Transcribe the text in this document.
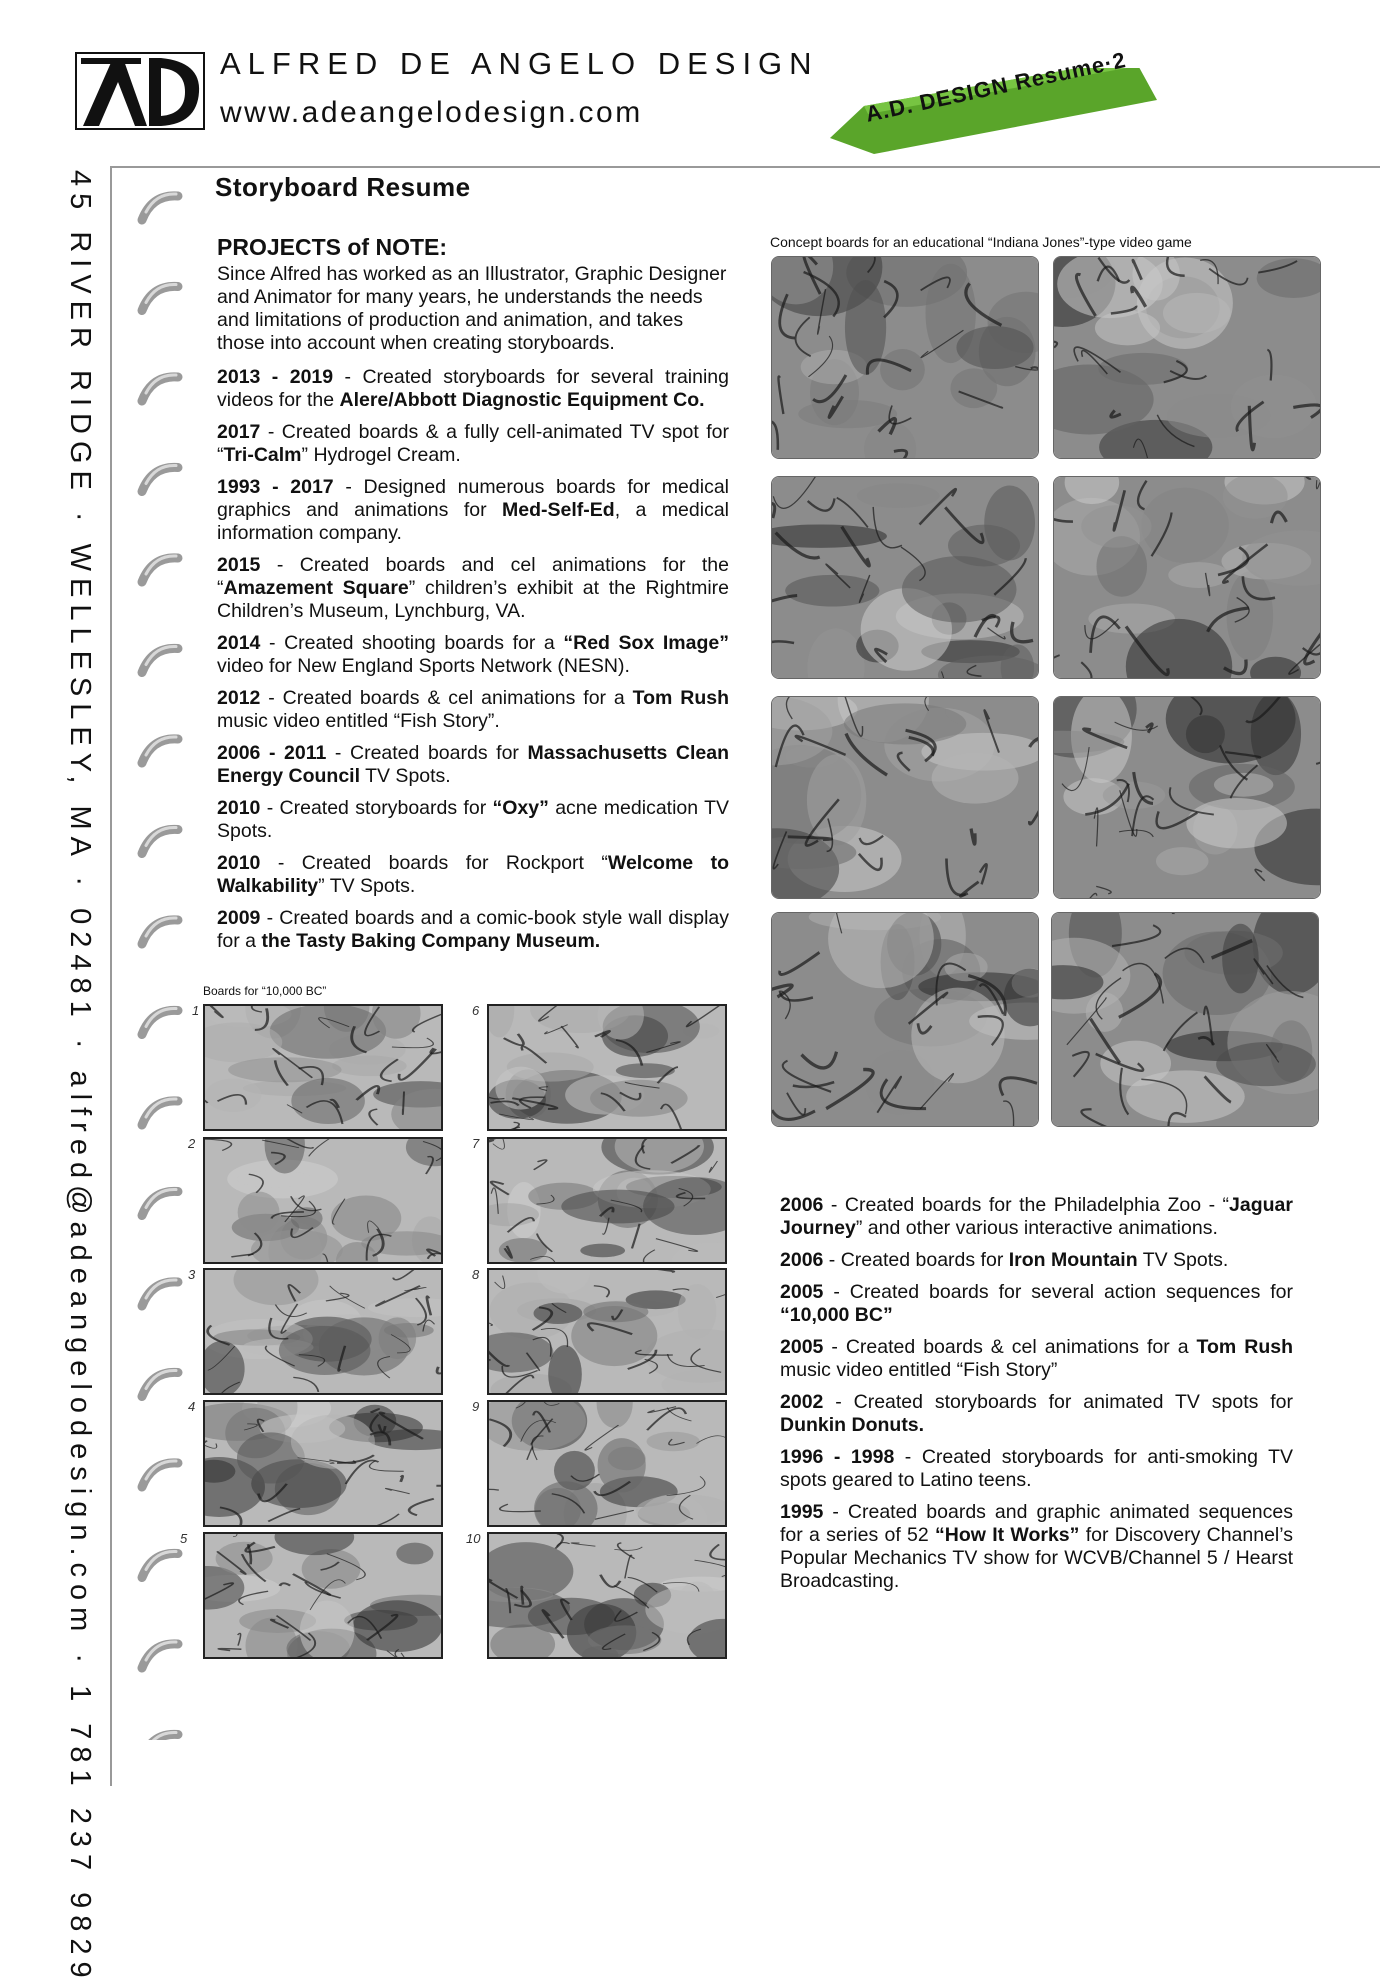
ALFRED DE ANGELO DESIGN
www.adeangelodesign.com	A.D. DESIGN Resume·2
45 RIVER RIDGE · WELLESLEY, MA · 02481 · alfred@adeangelodesign.com · 1 781 237 9829	Storyboard Resume
PROJECTS of NOTE:
Since Alfred has worked as an Illustrator, Graphic Designer and Animator for many years, he understands the needs and limitations of production and animation, and takes those into account when creating storyboards.
2013 - 2019 - Created storyboards for several training videos for the Alere/Abbott Diagnostic Equipment Co.
2017 - Created boards & a fully cell-animated TV spot for “Tri-Calm” Hydrogel Cream.
1993 - 2017 - Designed numerous boards for medical graphics and animations for Med-Self-Ed, a medical information company.
2015 - Created boards and cel animations for the “Amazement Square” children’s exhibit at the Rightmire Children’s Museum, Lynchburg, VA.
2014 - Created shooting boards for a “Red Sox Image” video for New England Sports Network (NESN).
2012 - Created boards & cel animations for a Tom Rush music video entitled “Fish Story”.
2006 - 2011 - Created boards for Massachusetts Clean Energy Council TV Spots.
2010 - Created storyboards for “Oxy” acne medication TV Spots.
2010 - Created boards for Rockport “Welcome to Walkability” TV Spots.
2009 - Created boards and a comic-book style wall display for a the Tasty Baking Company Museum.
2006 - Created boards for the Philadelphia Zoo - “Jaguar Journey” and other various interactive animations.
2006 - Created boards for Iron Mountain TV Spots.
2005 - Created boards for several action sequences for “10,000 BC”
2005 - Created boards & cel animations for a Tom Rush music video entitled “Fish Story”
2002 - Created storyboards for animated TV spots for Dunkin Donuts.
1996 - 1998 - Created storyboards for anti-smoking TV spots geared to Latino teens.
1995 - Created boards and graphic animated sequences for a series of 52 “How It Works” for Discovery Channel’s Popular Mechanics TV show for WCVB/Channel 5 / Hearst Broadcasting.
Concept boards for an educational “Indiana Jones”-type video game
Boards for “10,000 BC”
1
2
3
4
5
6
7
8
9
10
